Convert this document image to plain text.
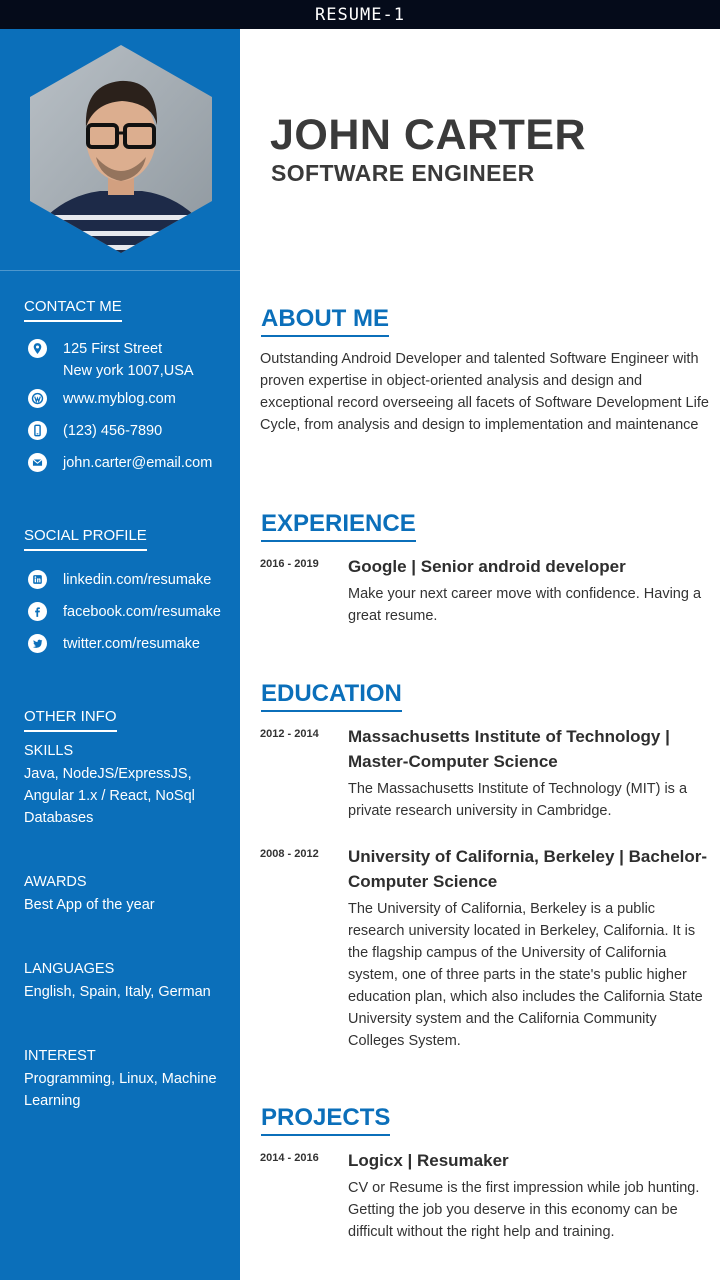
RESUME-1
CONTACT ME
125 First Street
New york 1007,USA
www.myblog.com
(123) 456-7890
john.carter@email.com
SOCIAL PROFILE
linkedin.com/resumake
facebook.com/resumake
twitter.com/resumake
OTHER INFO
SKILLS
Java, NodeJS/ExpressJS, Angular 1.x / React, NoSql Databases
AWARDS
Best App of the year
LANGUAGES
English, Spain, Italy, German
INTEREST
Programming, Linux, Machine Learning
JOHN CARTER
SOFTWARE ENGINEER
ABOUT ME
Outstanding Android Developer and talented Software Engineer with proven expertise in object-oriented analysis and design and exceptional record overseeing all facets of Software Development Life Cycle, from analysis and design to implementation and maintenance
EXPERIENCE
2016 - 2019 Google | Senior android developer
Make your next career move with confidence. Having a great resume.
EDUCATION
2012 - 2014 Massachusetts Institute of Technology | Master-Computer Science
The Massachusetts Institute of Technology (MIT) is a private research university in Cambridge.
2008 - 2012 University of California, Berkeley | Bachelor-Computer Science
The University of California, Berkeley is a public research university located in Berkeley, California. It is the flagship campus of the University of California system, one of three parts in the state's public higher education plan, which also includes the California State University system and the California Community Colleges System.
PROJECTS
2014 - 2016 Logicx | Resumaker
CV or Resume is the first impression while job hunting. Getting the job you deserve in this economy can be difficult without the right help and training.
